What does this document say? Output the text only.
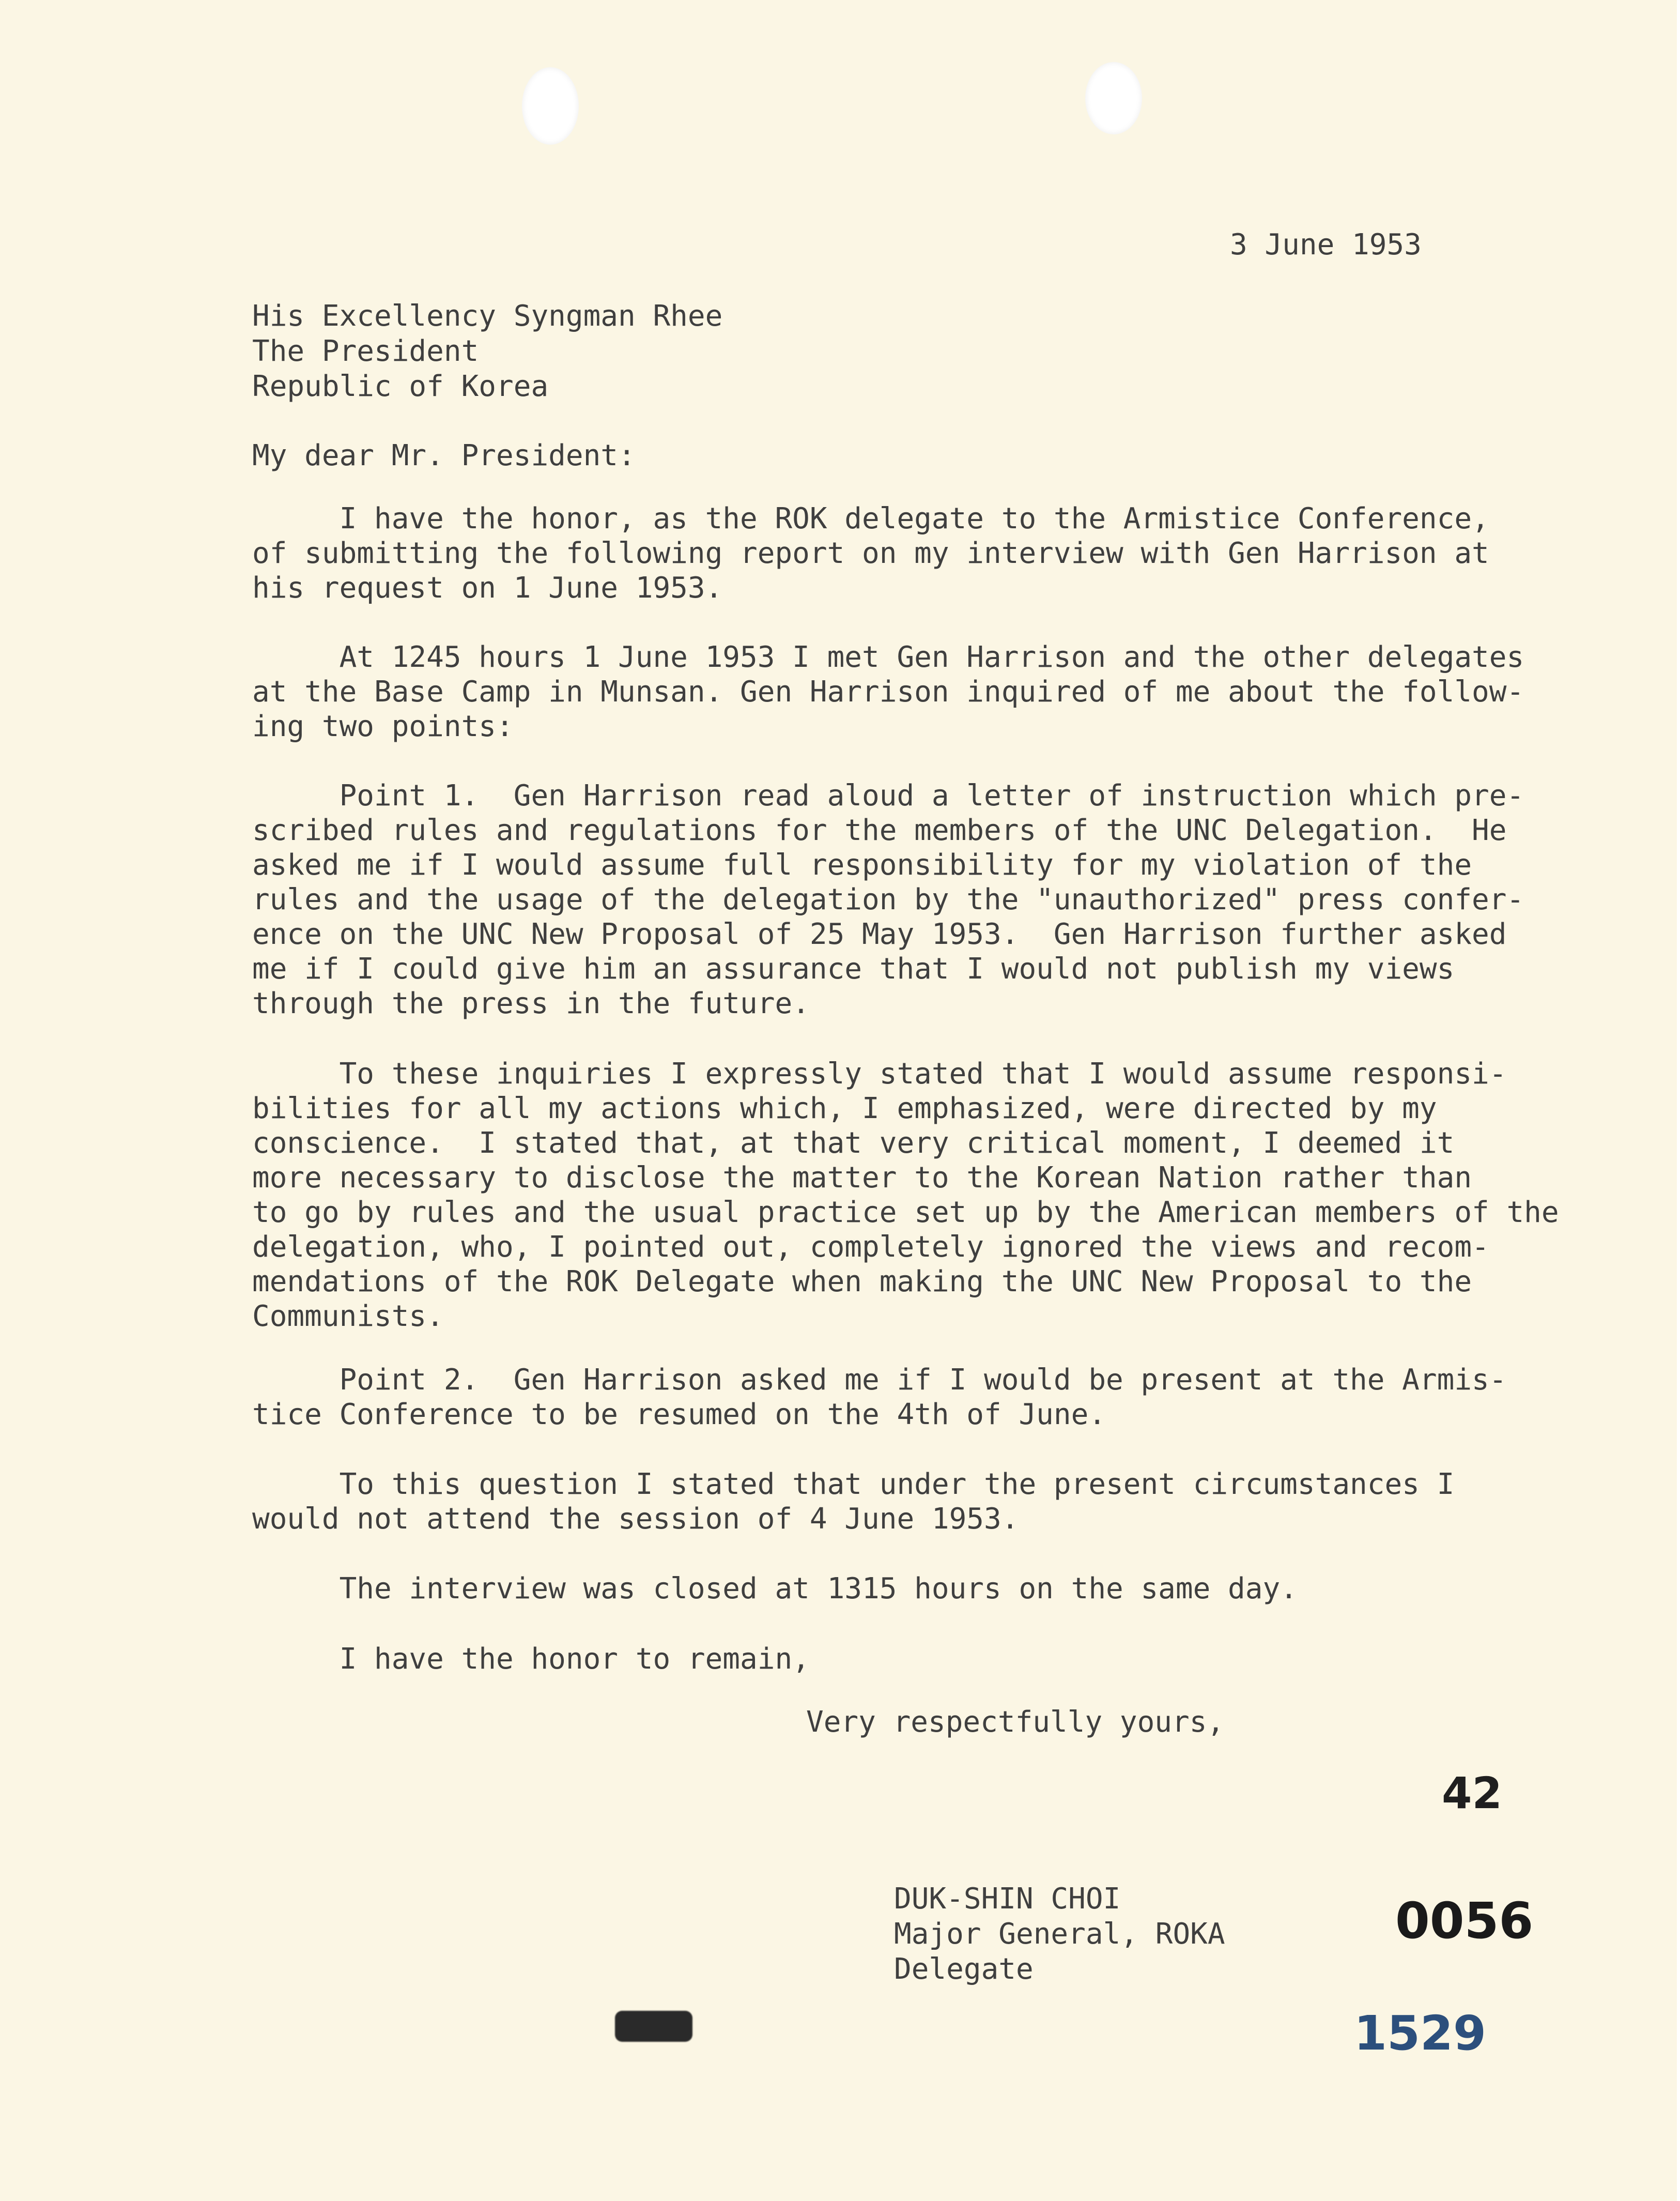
3 June 1953
His Excellency Syngman Rhee
The President
Republic of Korea
My dear Mr. President:
I have the honor, as the ROK delegate to the Armistice Conference,
of submitting the following report on my interview with Gen Harrison at
his request on 1 June 1953.
At 1245 hours 1 June 1953 I met Gen Harrison and the other delegates
at the Base Camp in Munsan. Gen Harrison inquired of me about the follow-
ing two points:
Point 1.  Gen Harrison read aloud a letter of instruction which pre-
scribed rules and regulations for the members of the UNC Delegation.  He
asked me if I would assume full responsibility for my violation of the
rules and the usage of the delegation by the "unauthorized" press confer-
ence on the UNC New Proposal of 25 May 1953.  Gen Harrison further asked
me if I could give him an assurance that I would not publish my views
through the press in the future.
To these inquiries I expressly stated that I would assume responsi-
bilities for all my actions which, I emphasized, were directed by my
conscience.  I stated that, at that very critical moment, I deemed it
more necessary to disclose the matter to the Korean Nation rather than
to go by rules and the usual practice set up by the American members of the
delegation, who, I pointed out, completely ignored the views and recom-
mendations of the ROK Delegate when making the UNC New Proposal to the
Communists.
Point 2.  Gen Harrison asked me if I would be present at the Armis-
tice Conference to be resumed on the 4th of June.
To this question I stated that under the present circumstances I
would not attend the session of 4 June 1953.
The interview was closed at 1315 hours on the same day.
I have the honor to remain,
Very respectfully yours,
DUK-SHIN CHOI
Major General, ROKA
Delegate
42
0056
1529
